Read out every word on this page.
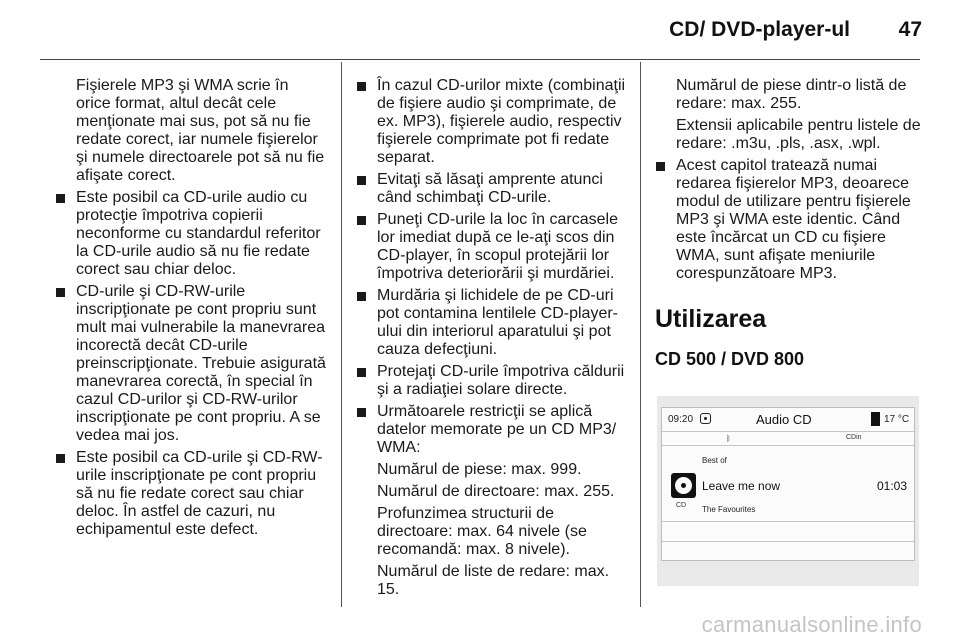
CD/ DVD-player-ul 47

Fişierele MP3 şi WMA scrie în orice format, altul decât cele menţionate mai sus, pot să nu fie redate corect, iar numele fişierelor şi numele directoarele pot să nu fie afişate corect.

Este posibil ca CD-urile audio cu protecţie împotriva copierii neconforme cu standardul referitor la CD-urile audio să nu fie redate corect sau chiar deloc.
CD-urile şi CD-RW-urile inscripţionate pe cont propriu sunt mult mai vulnerabile la manevrarea incorectă decât CD-urile preinscripţionate. Trebuie asigurată manevrarea corectă, în special în cazul CD-urilor şi CD-RW-urilor inscripţionate pe cont propriu. A se vedea mai jos.
Este posibil ca CD-urile şi CD-RW-urile inscripţionate pe cont propriu să nu fie redate corect sau chiar deloc. În astfel de cazuri, nu echipamentul este defect.
În cazul CD-urilor mixte (combinaţii de fişiere audio şi comprimate, de ex. MP3), fişierele audio, respectiv fişierele comprimate pot fi redate separat.
Evitaţi să lăsaţi amprente atunci când schimbaţi CD-urile.
Puneţi CD-urile la loc în carcasele lor imediat după ce le-aţi scos din CD-player, în scopul protejării lor împotriva deteriorării şi murdăriei.
Murdăria şi lichidele de pe CD-uri pot contamina lentilele CD-player-ului din interiorul aparatului şi pot cauza defecţiuni.
Protejaţi CD-urile împotriva căldurii şi a radiaţiei solare directe.
Următoarele restricţii se aplică datelor memorate pe un CD MP3/ WMA:

Numărul de piese: max. 999.

Numărul de directoare: max. 255.

Profunzimea structurii de directoare: max. 64 nivele (se recomandă: max. 8 nivele).

Numărul de liste de redare: max. 15.

Numărul de piese dintr-o listă de redare: max. 255.

Extensii aplicabile pentru listele de redare: .m3u, .pls, .asx, .wpl.

Acest capitol tratează numai redarea fişierelor MP3, deoarece modul de utilizare pentru fişierele MP3 şi WMA este identic. Când este încărcat un CD cu fişiere WMA, sunt afişate meniurile corespunzătoare MP3.
Utilizarea
CD 500 / DVD 800
09:20	Audio CD	17 °C
ᛒ	CDin
CD
Best of
Leave me now	01:03
The Favourites
carmanualsonline.info
